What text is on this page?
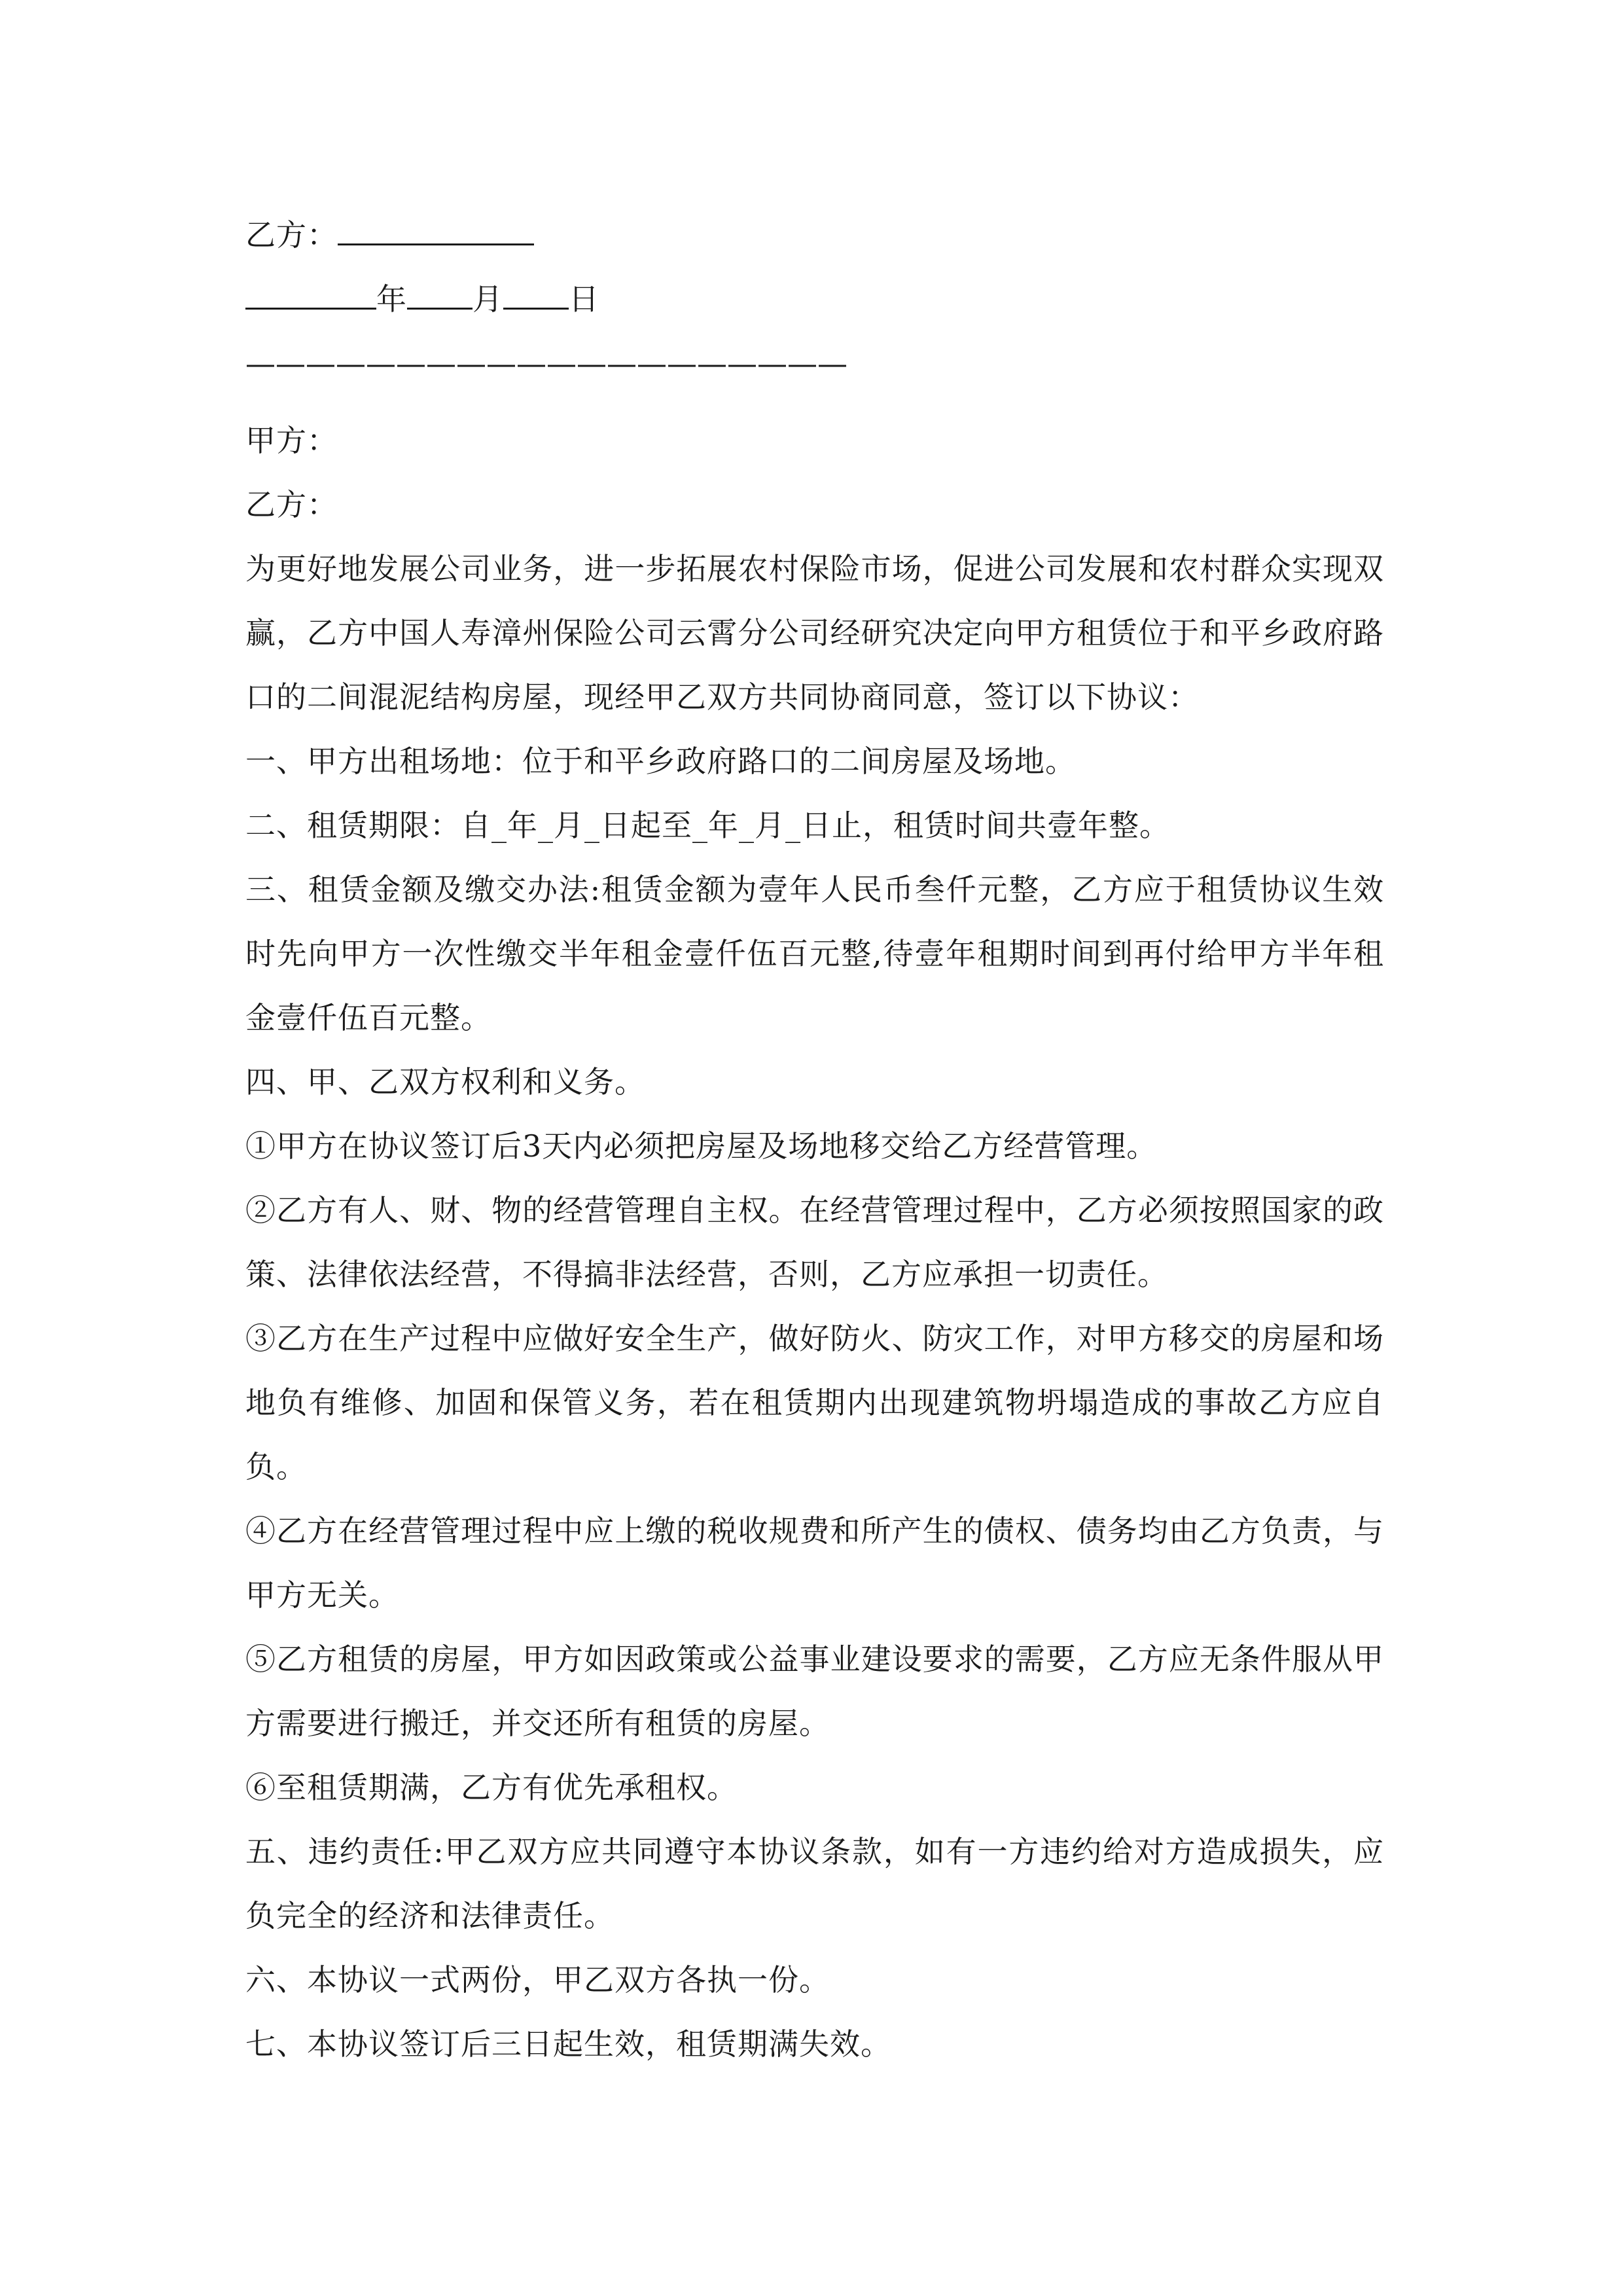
乙方：
年 月 日
————————————————————
甲方：
乙方：
为更好地发展公司业务，进一步拓展农村保险市场，促进公司发展和农村群众实现双赢，乙方中国人寿漳州保险公司云霄分公司经研究决定向甲方租赁位于和平乡政府路口的二间混泥结构房屋，现经甲乙双方共同协商同意，签订以下协议：
一、甲方出租场地：位于和平乡政府路口的二间房屋及场地。
二、租赁期限：自_年_月_日起至_年_月_日止，租赁时间共壹年整。
三、租赁金额及缴交办法:租赁金额为壹年人民币叁仟元整，乙方应于租赁协议生效时先向甲方一次性缴交半年租金壹仟伍百元整,待壹年租期时间到再付给甲方半年租金壹仟伍百元整。
四、甲、乙双方权利和义务。
①甲方在协议签订后3天内必须把房屋及场地移交给乙方经营管理。
②乙方有人、财、物的经营管理自主权。在经营管理过程中，乙方必须按照国家的政策、法律依法经营，不得搞非法经营，否则，乙方应承担一切责任。
③乙方在生产过程中应做好安全生产，做好防火、防灾工作，对甲方移交的房屋和场地负有维修、加固和保管义务，若在租赁期内出现建筑物坍塌造成的事故乙方应自负。
④乙方在经营管理过程中应上缴的税收规费和所产生的债权、债务均由乙方负责，与甲方无关。
⑤乙方租赁的房屋，甲方如因政策或公益事业建设要求的需要，乙方应无条件服从甲方需要进行搬迁，并交还所有租赁的房屋。
⑥至租赁期满，乙方有优先承租权。
五、违约责任:甲乙双方应共同遵守本协议条款，如有一方违约给对方造成损失，应负完全的经济和法律责任。
六、本协议一式两份，甲乙双方各执一份。
七、本协议签订后三日起生效，租赁期满失效。
